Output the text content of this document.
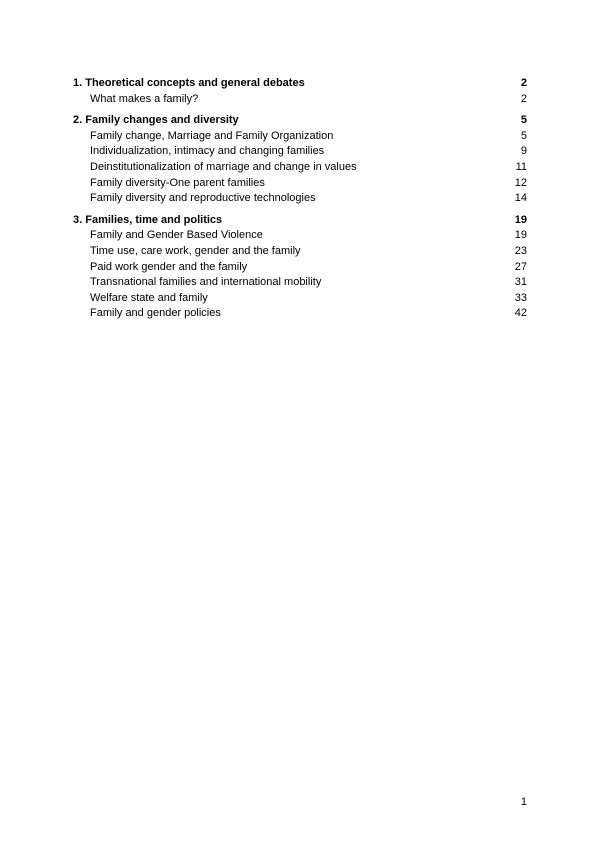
1. Theoretical concepts and general debates	2
What makes a family?	2
2. Family changes and diversity	5
Family change, Marriage and Family Organization	5
Individualization, intimacy and changing families	9
Deinstitutionalization of marriage and change in values	11
Family diversity-One parent families	12
Family diversity and reproductive technologies	14
3. Families, time and politics	19
Family and Gender Based Violence	19
Time use, care work, gender and the family	23
Paid work gender and the family	27
Transnational families and international mobility	31
Welfare state and family	33
Family and gender policies	42
1
